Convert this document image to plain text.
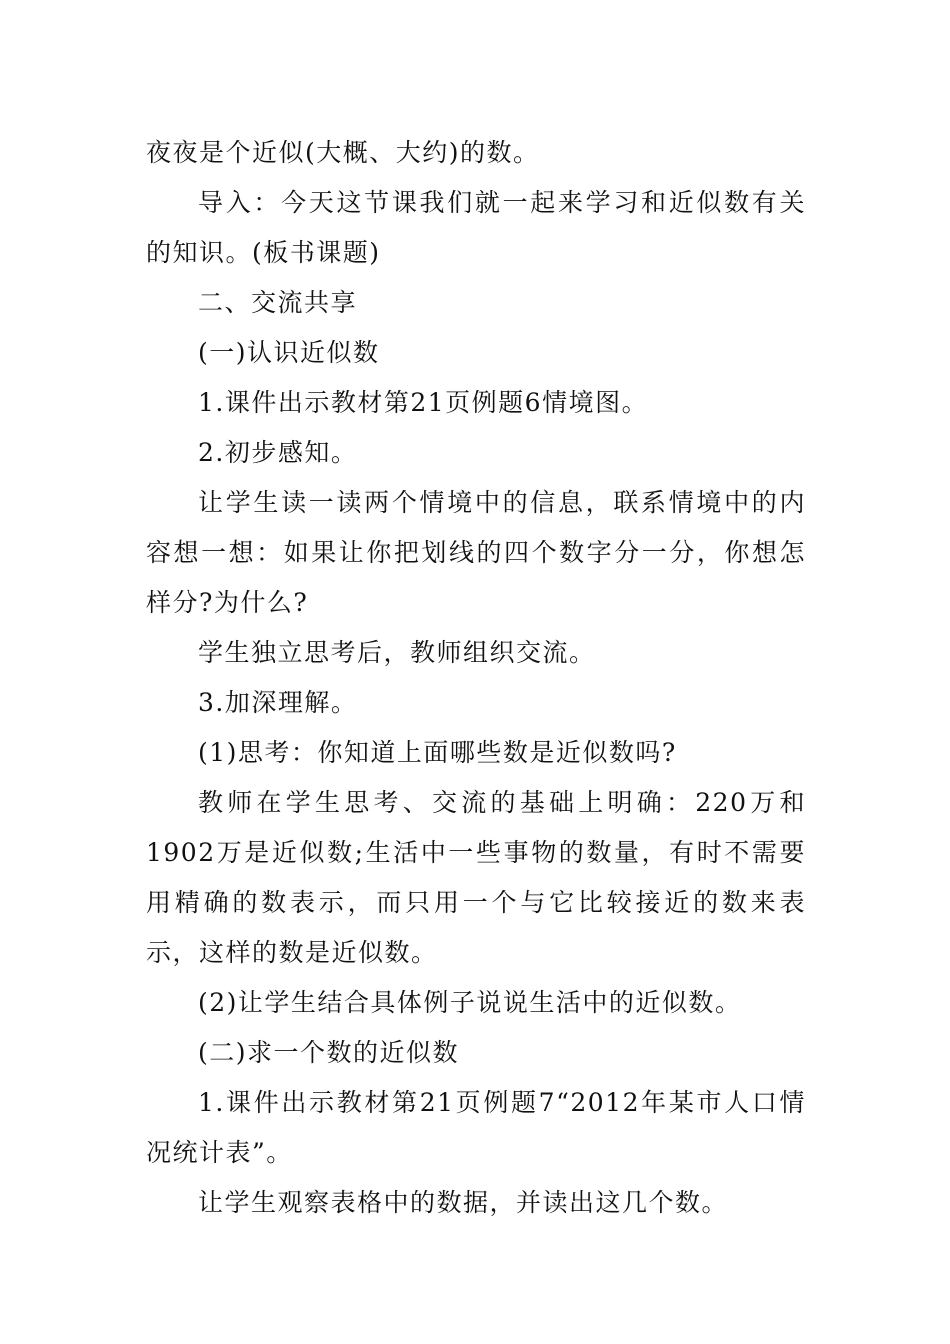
夜夜是个近似(大概、大约)的数。

导入：今天这节课我们就一起来学习和近似数有关的知识。(板书课题)

二、交流共享

(一)认识近似数

1.课件出示教材第21页例题6情境图。

2.初步感知。

让学生读一读两个情境中的信息，联系情境中的内容想一想：如果让你把划线的四个数字分一分，你想怎样分?为什么?

学生独立思考后，教师组织交流。

3.加深理解。

(1)思考：你知道上面哪些数是近似数吗?

教师在学生思考、交流的基础上明确：220万和1902万是近似数;生活中一些事物的数量，有时不需要用精确的数表示，而只用一个与它比较接近的数来表示，这样的数是近似数。

(2)让学生结合具体例子说说生活中的近似数。

(二)求一个数的近似数

1.课件出示教材第21页例题7“2012年某市人口情况统计表”。

让学生观察表格中的数据，并读出这几个数。
